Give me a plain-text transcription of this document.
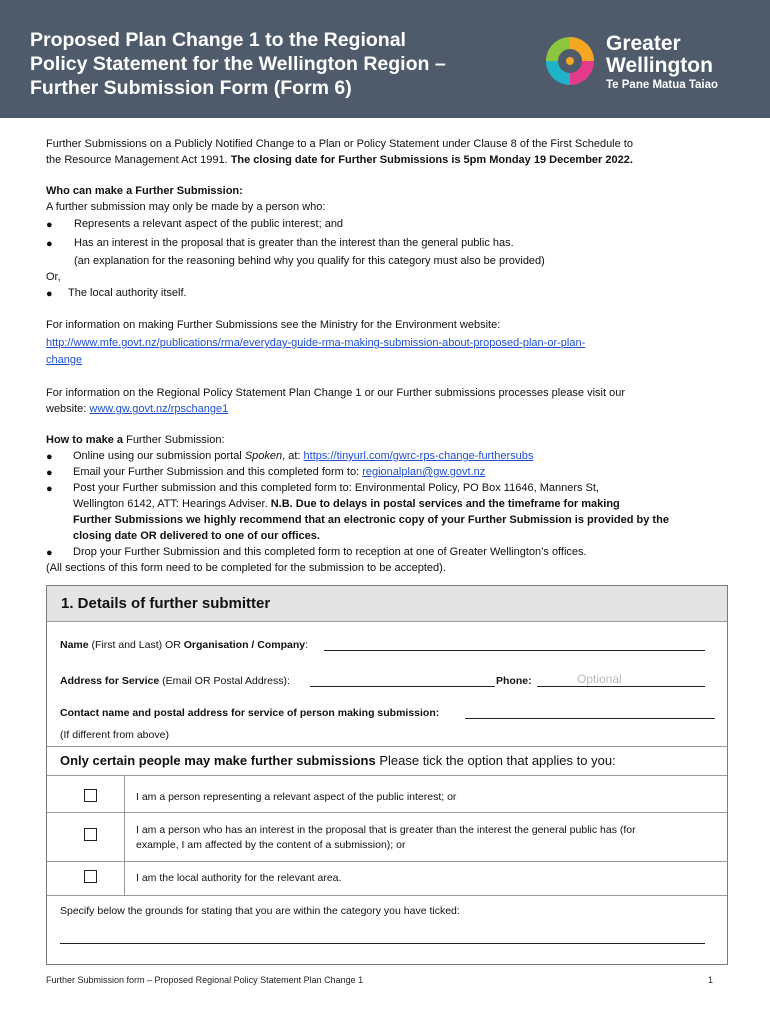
Proposed Plan Change 1 to the Regional
Policy Statement for the Wellington Region –
Further Submission Form (Form 6)
Greater
Wellington
Te Pane Matua Taiao
Further Submissions on a Publicly Notified Change to a Plan or Policy Statement under Clause 8 of the First Schedule to
the Resource Management Act 1991. The closing date for Further Submissions is 5pm Monday 19 December 2022.
Who can make a Further Submission:
A further submission may only be made by a person who:
● Represents a relevant aspect of the public interest; and
● Has an interest in the proposal that is greater than the interest than the general public has.
(an explanation for the reasoning behind why you qualify for this category must also be provided)
Or,
● The local authority itself.
For information on making Further Submissions see the Ministry for the Environment website:
http://www.mfe.govt.nz/publications/rma/everyday-guide-rma-making-submission-about-proposed-plan-or-plan-
change
For information on the Regional Policy Statement Plan Change 1 or our Further submissions processes please visit our
website: www.gw.govt.nz/rpschange1
How to make a Further Submission:
● Online using our submission portal Spoken, at: https://tinyurl.com/gwrc-rps-change-furthersubs
● Email your Further Submission and this completed form to: regionalplan@gw.govt.nz
● Post your Further submission and this completed form to: Environmental Policy, PO Box 11646, Manners St,
Wellington 6142, ATT: Hearings Adviser. N.B. Due to delays in postal services and the timeframe for making
Further Submissions we highly recommend that an electronic copy of your Further Submission is provided by the
closing date OR delivered to one of our offices.
● Drop your Further Submission and this completed form to reception at one of Greater Wellington’s offices.
(All sections of this form need to be completed for the submission to be accepted).
1. Details of further submitter
Name (First and Last) OR Organisation / Company:
Address for Service (Email OR Postal Address):	Phone:	Optional
Contact name and postal address for service of person making submission:
(If different from above)
Only certain people may make further submissions Please tick the option that applies to you:
I am a person representing a relevant aspect of the public interest; or
I am a person who has an interest in the proposal that is greater than the interest the general public has (for
example, I am affected by the content of a submission); or
I am the local authority for the relevant area.
Specify below the grounds for stating that you are within the category you have ticked:
Further Submission form – Proposed Regional Policy Statement Plan Change 1	1
